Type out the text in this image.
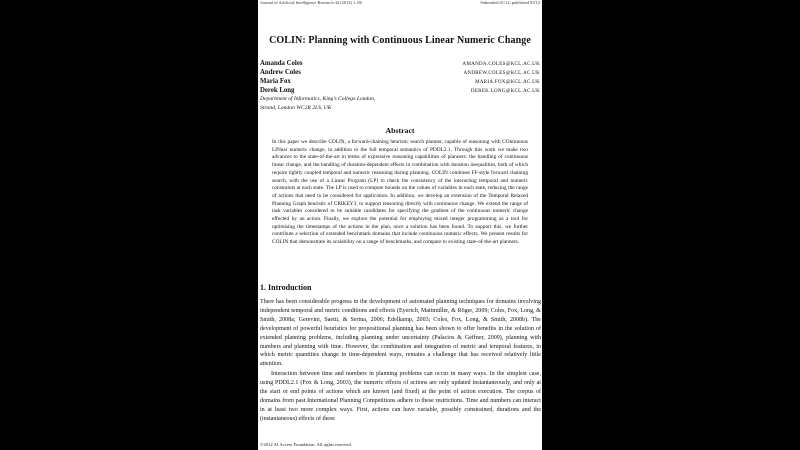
Journal of Artificial Intelligence Research 44 (2012) 1–96	Submitted 01/12; published 05/12
COLIN: Planning with Continuous Linear Numeric Change
Amanda Coles	AMANDA.COLES@KCL.AC.UK
Andrew Coles	ANDREW.COLES@KCL.AC.UK
Maria Fox	MARIA.FOX@KCL.AC.UK
Derek Long	DEREK.LONG@KCL.AC.UK
Department of Informatics, King’s College London,
Strand, London WC2R 2LS, UK
Abstract
In this paper we describe COLIN, a forward-chaining heuristic search planner, capable of reasoning with COntinuous LINear numeric change, in addition to the full temporal semantics of PDDL2.1. Through this work we make two advances to the state-of-the-art in terms of expressive reasoning capabilities of planners: the handling of continuous linear change, and the handling of duration-dependent effects in combination with duration inequalities, both of which require tightly coupled temporal and numeric reasoning during planning. COLIN combines FF-style forward chaining search, with the use of a Linear Program (LP) to check the consistency of the interacting temporal and numeric constraints at each state. The LP is used to compute bounds on the values of variables in each state, reducing the range of actions that need to be considered for application. In addition, we develop an extension of the Temporal Relaxed Planning Graph heuristic of CRIKEY3, to support reasoning directly with continuous change. We extend the range of task variables considered to be suitable candidates for specifying the gradient of the continuous numeric change effected by an action. Finally, we explore the potential for employing mixed integer programming as a tool for optimising the timestamps of the actions in the plan, once a solution has been found. To support this, we further contribute a selection of extended benchmark domains that include continuous numeric effects. We present results for COLIN that demonstrate its scalability on a range of benchmarks, and compare to existing state-of-the-art planners.
1. Introduction

There has been considerable progress in the development of automated planning techniques for domains involving independent temporal and metric conditions and effects (Eyerich, Mattmüller, & Röger, 2009; Coles, Fox, Long, & Smith, 2008a; Gerevini, Saetti, & Serina, 2006; Edelkamp, 2003; Coles, Fox, Long, & Smith, 2008b). The development of powerful heuristics for propositional planning has been shown to offer benefits in the solution of extended planning problems, including planning under uncertainty (Palacios & Geffner, 2009), planning with numbers and planning with time. However, the combination and integration of metric and temporal features, in which metric quantities change in time-dependent ways, remains a challenge that has received relatively little attention.

Interaction between time and numbers in planning problems can occur in many ways. In the simplest case, using PDDL2.1 (Fox & Long, 2003), the numeric effects of actions are only updated instantaneously, and only at the start or end points of actions which are known (and fixed) at the point of action execution. The corpus of domains from past International Planning Competitions adhere to these restrictions. Time and numbers can interact in at least two more complex ways. First, actions can have variable, possibly constrained, durations and the (instantaneous) effects of these

©2012 AI Access Foundation. All rights reserved.
